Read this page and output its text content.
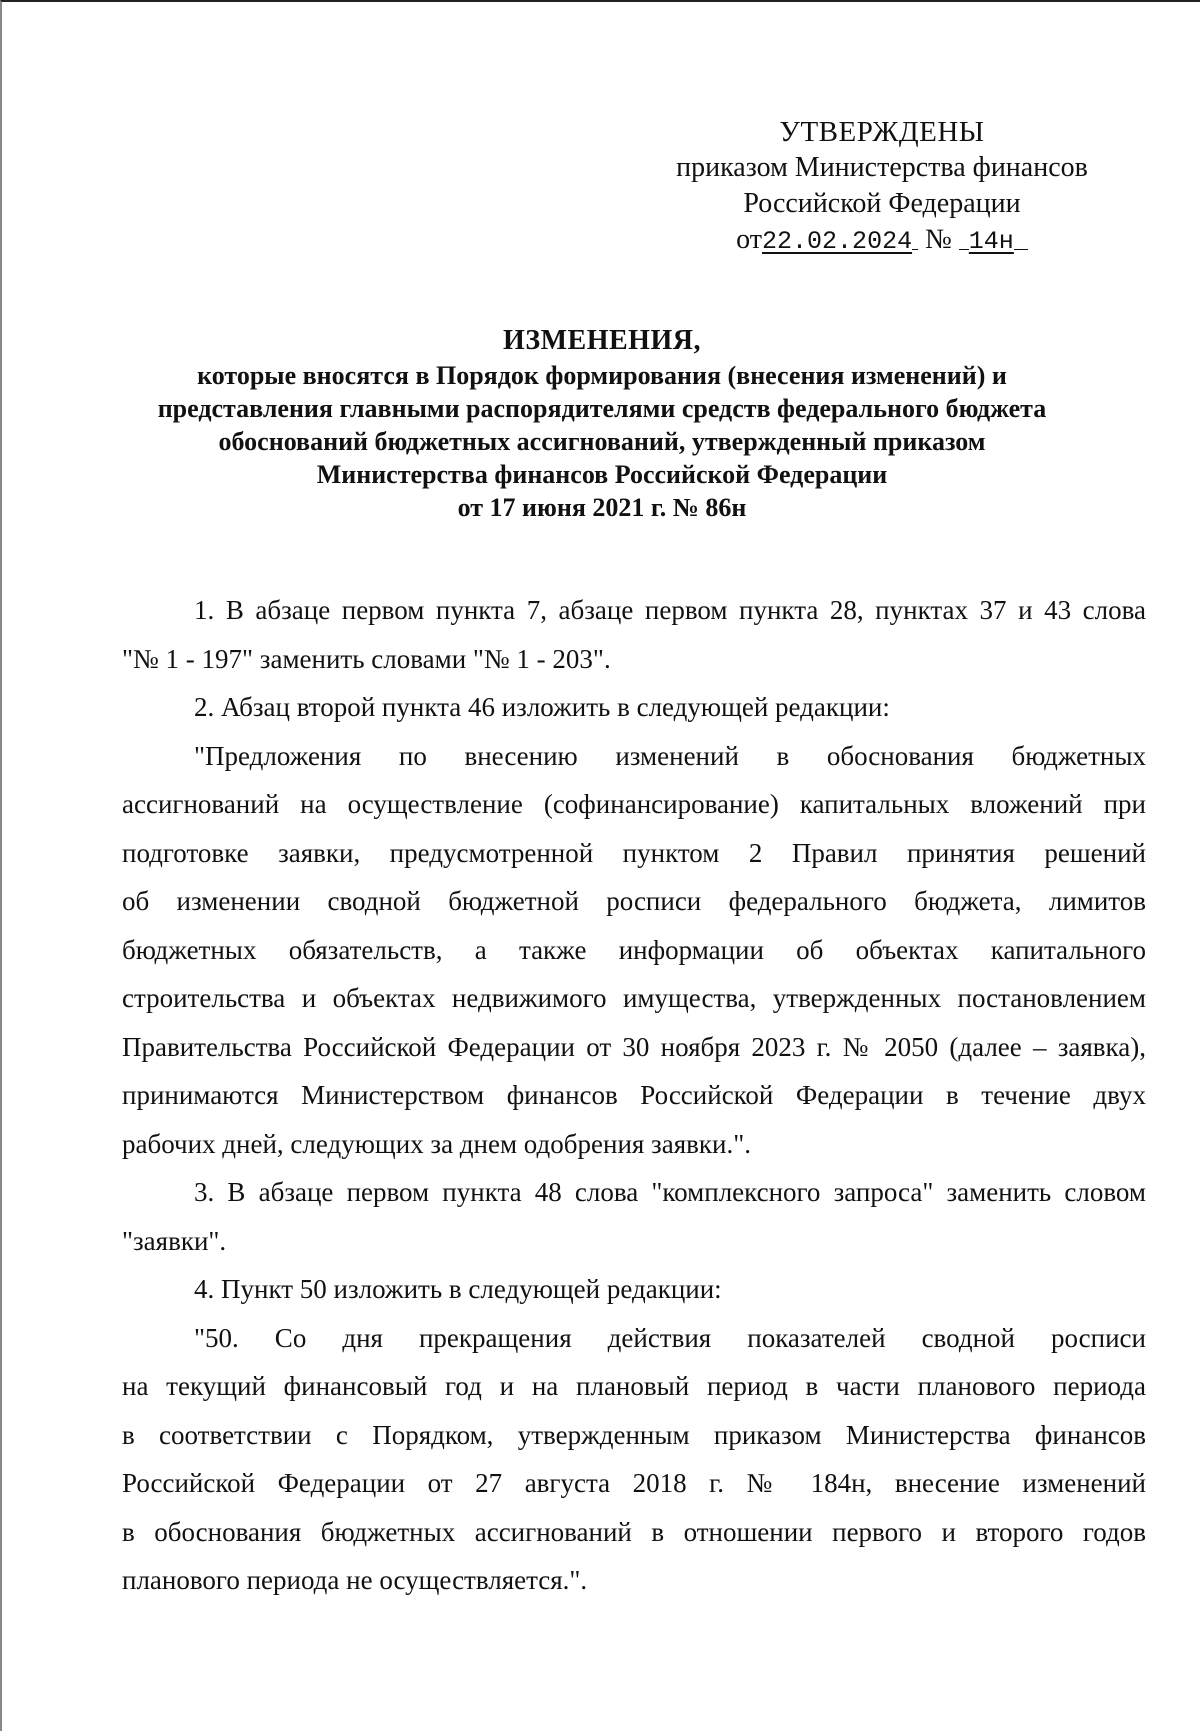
УТВЕРЖДЕНЫ
приказом Министерства финансов
Российской Федерации
от22.02.2024 № 14н
ИЗМЕНЕНИЯ,
которые вносятся в Порядок формирования (внесения изменений) и
представления главными распорядителями средств федерального бюджета
обоснований бюджетных ассигнований, утвержденный приказом
Министерства финансов Российской Федерации
от 17 июня 2021 г. № 86н
1. В абзаце первом пункта 7, абзаце первом пункта 28, пунктах 37 и 43 слова
"№ 1 - 197" заменить словами "№ 1 - 203".
2. Абзац второй пункта 46 изложить в следующей редакции:
"Предложения по внесению изменений в обоснования бюджетных
ассигнований на осуществление (софинансирование) капитальных вложений при
подготовке заявки, предусмотренной пунктом 2 Правил принятия решений
об изменении сводной бюджетной росписи федерального бюджета, лимитов
бюджетных обязательств, а также информации об объектах капитального
строительства и объектах недвижимого имущества, утвержденных постановлением
Правительства Российской Федерации от 30 ноября 2023 г. № 2050 (далее – заявка),
принимаются Министерством финансов Российской Федерации в течение двух
рабочих дней, следующих за днем одобрения заявки.".
3. В абзаце первом пункта 48 слова "комплексного запроса" заменить словом
"заявки".
4. Пункт 50 изложить в следующей редакции:
"50. Со дня прекращения действия показателей сводной росписи
на текущий финансовый год и на плановый период в части планового периода
в соответствии с Порядком, утвержденным приказом Министерства финансов
Российской Федерации от 27 августа 2018 г. № 184н, внесение изменений
в обоснования бюджетных ассигнований в отношении первого и второго годов
планового периода не осуществляется.".
